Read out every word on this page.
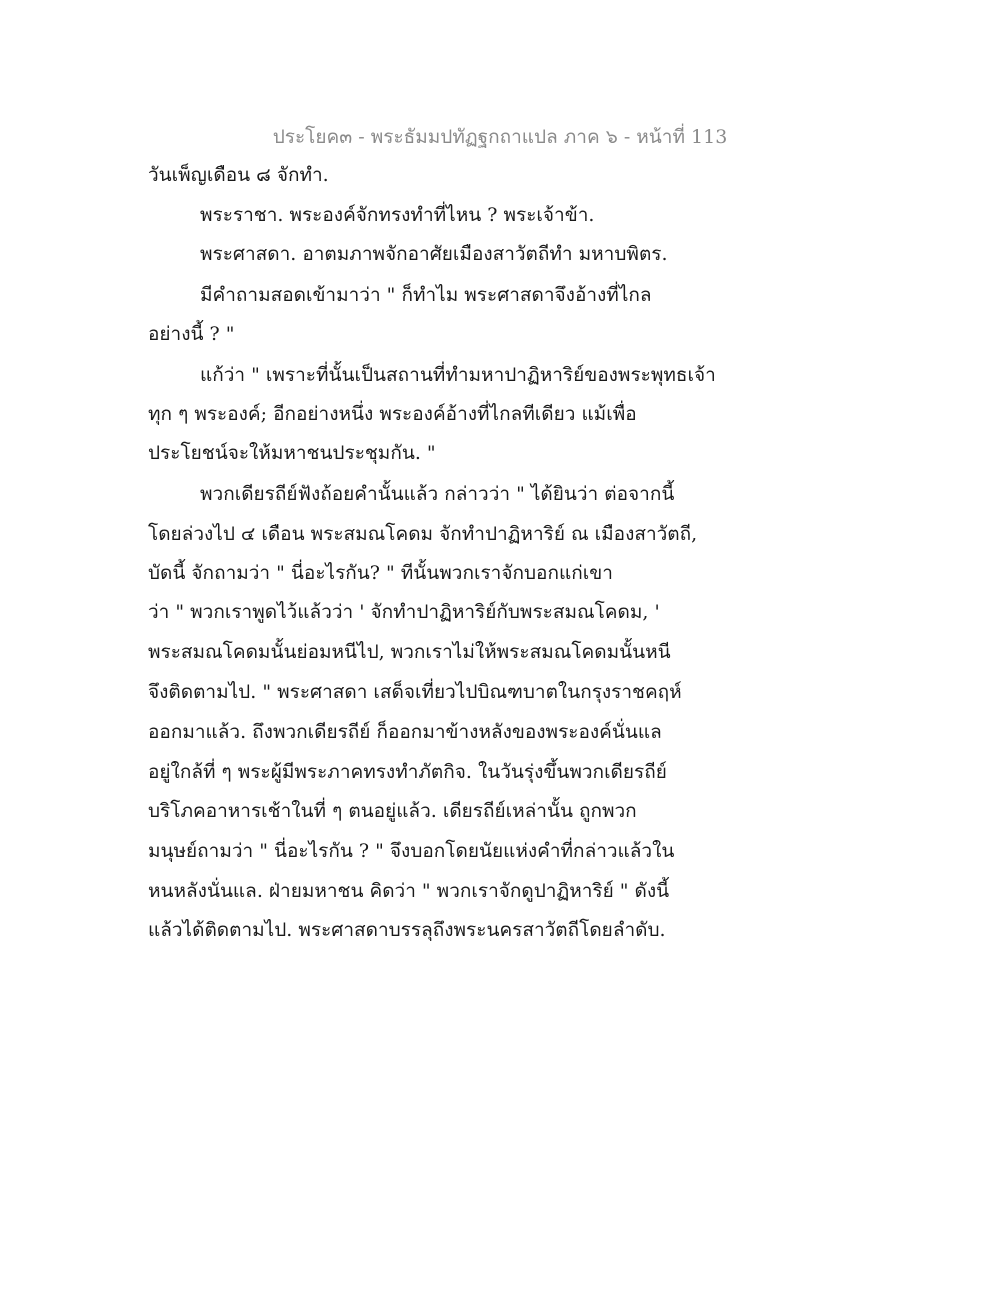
ประโยค๓ - พระธัมมปทัฏฐกถาแปล ภาค ๖ - หน้าที่ 113
วันเพ็ญเดือน ๘ จักทำ.
พระราชา. พระองค์จักทรงทำที่ไหน ? พระเจ้าข้า.
พระศาสดา. อาตมภาพจักอาศัยเมืองสาวัตถีทำ มหาบพิตร.
มีคำถามสอดเข้ามาว่า " ก็ทำไม พระศาสดาจึงอ้างที่ไกล
อย่างนี้ ? "
แก้ว่า " เพราะที่นั้นเป็นสถานที่ทำมหาปาฏิหาริย์ของพระพุทธเจ้า
ทุก ๆ พระองค์; อีกอย่างหนึ่ง พระองค์อ้างที่ไกลทีเดียว แม้เพื่อ
ประโยชน์จะให้มหาชนประชุมกัน. "
พวกเดียรถีย์ฟังถ้อยคำนั้นแล้ว กล่าวว่า " ได้ยินว่า ต่อจากนี้
โดยล่วงไป ๔ เดือน พระสมณโคดม จักทำปาฏิหาริย์ ณ เมืองสาวัตถี,
บัดนี้ จักถามว่า " นี่อะไรกัน? " ทีนั้นพวกเราจักบอกแก่เขา
ว่า " พวกเราพูดไว้แล้วว่า ' จักทำปาฏิหาริย์กับพระสมณโคดม, '
พระสมณโคดมนั้นย่อมหนีไป, พวกเราไม่ให้พระสมณโคดมนั้นหนี
จึงติดตามไป. " พระศาสดา เสด็จเที่ยวไปบิณฑบาตในกรุงราชคฤห์
ออกมาแล้ว. ถึงพวกเดียรถีย์ ก็ออกมาข้างหลังของพระองค์นั่นแล
อยู่ใกล้ที่ ๆ พระผู้มีพระภาคทรงทำภัตกิจ. ในวันรุ่งขึ้นพวกเดียรถีย์
บริโภคอาหารเช้าในที่ ๆ ตนอยู่แล้ว. เดียรถีย์เหล่านั้น ถูกพวก
มนุษย์ถามว่า " นี่อะไรกัน ? " จึงบอกโดยนัยแห่งคำที่กล่าวแล้วใน
หนหลังนั่นแล. ฝ่ายมหาชน คิดว่า " พวกเราจักดูปาฏิหาริย์ " ดังนี้
แล้วได้ติดตามไป. พระศาสดาบรรลุถึงพระนครสาวัตถีโดยลำดับ.
